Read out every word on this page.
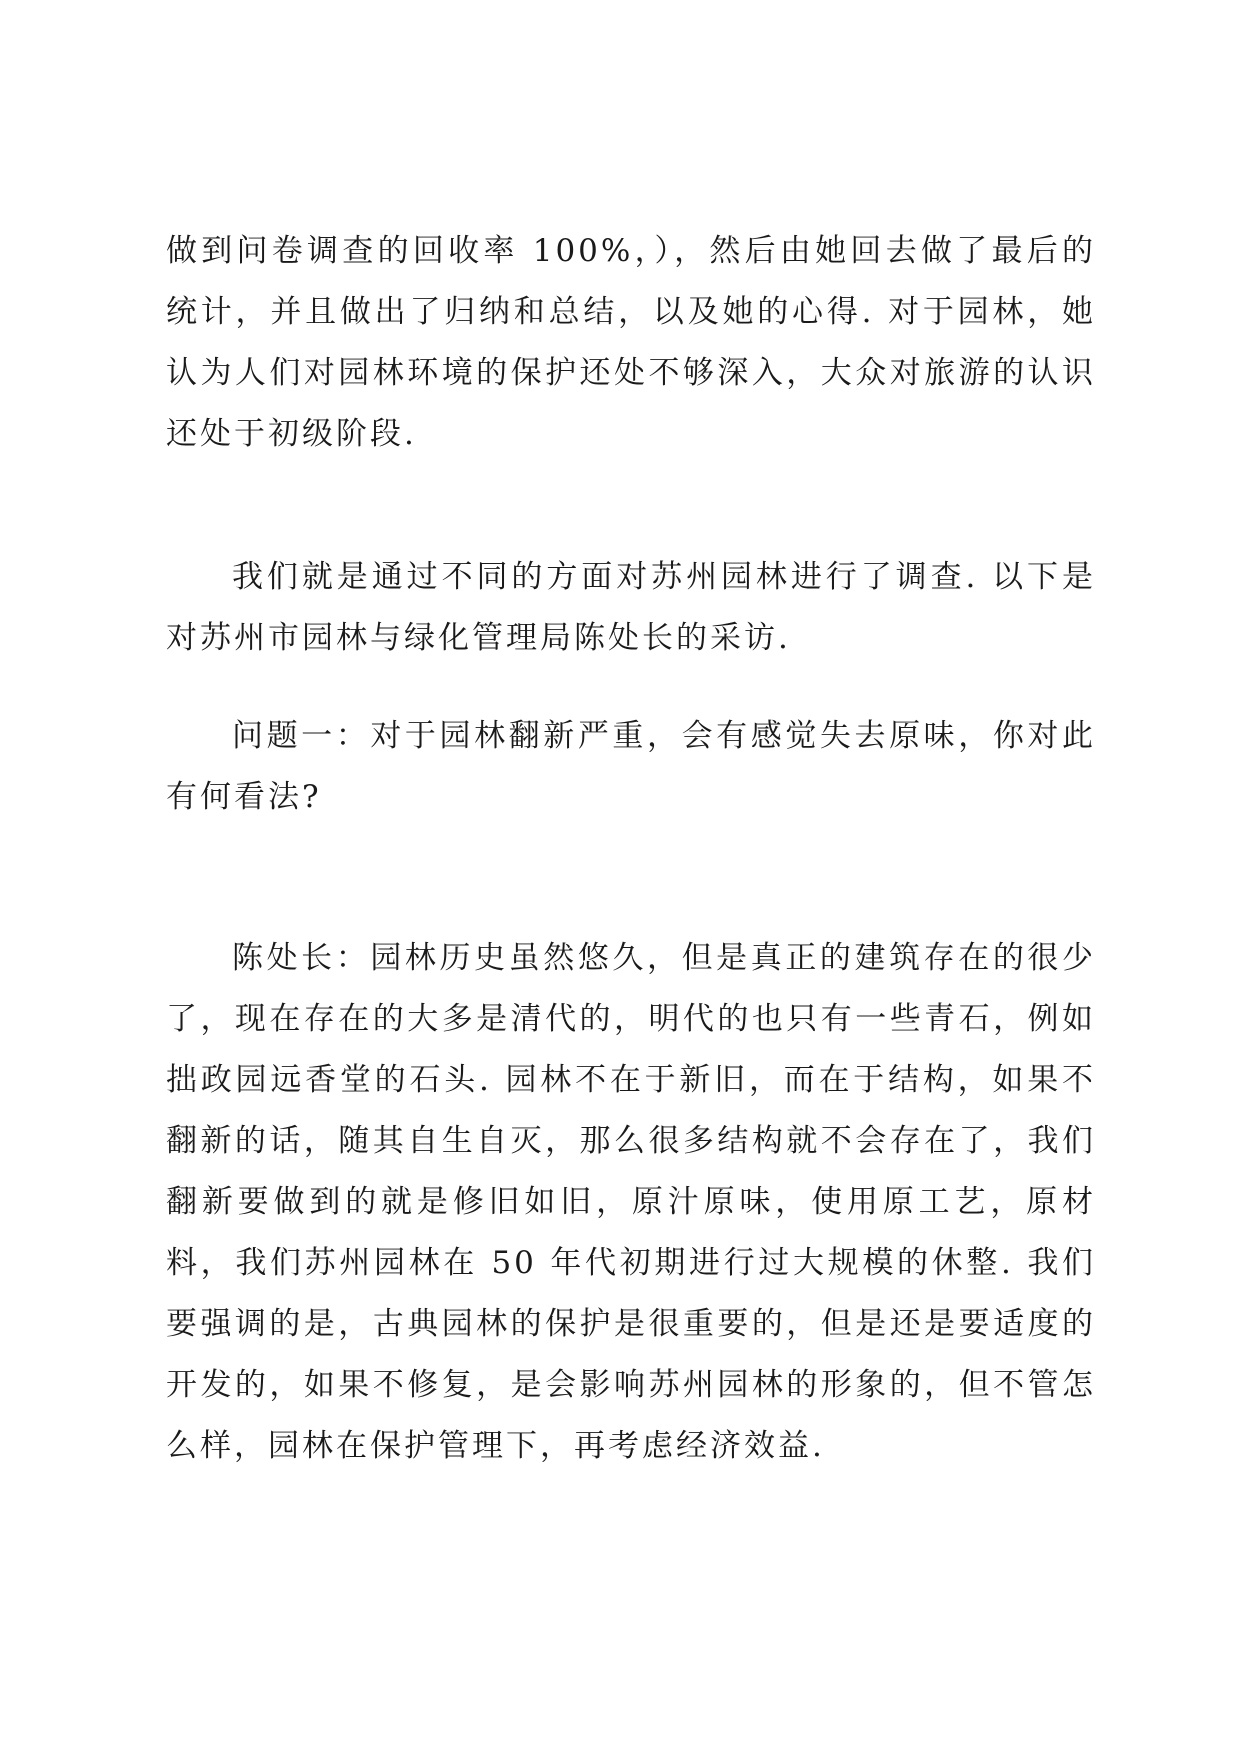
做到问卷调查的回收率 100%，），然后由她回去做了最后的统计，并且做出了归纳和总结，以及她的心得. 对于园林，她认为人们对园林环境的保护还处不够深入，大众对旅游的认识还处于初级阶段.

我们就是通过不同的方面对苏州园林进行了调查. 以下是对苏州市园林与绿化管理局陈处长的采访.

问题一：对于园林翻新严重，会有感觉失去原味，你对此有何看法?

陈处长：园林历史虽然悠久，但是真正的建筑存在的很少了，现在存在的大多是清代的，明代的也只有一些青石，例如拙政园远香堂的石头. 园林不在于新旧，而在于结构，如果不翻新的话，随其自生自灭，那么很多结构就不会存在了，我们翻新要做到的就是修旧如旧，原汁原味，使用原工艺，原材料，我们苏州园林在 50 年代初期进行过大规模的休整. 我们要强调的是，古典园林的保护是很重要的，但是还是要适度的开发的，如果不修复，是会影响苏州园林的形象的，但不管怎么样，园林在保护管理下，再考虑经济效益.
